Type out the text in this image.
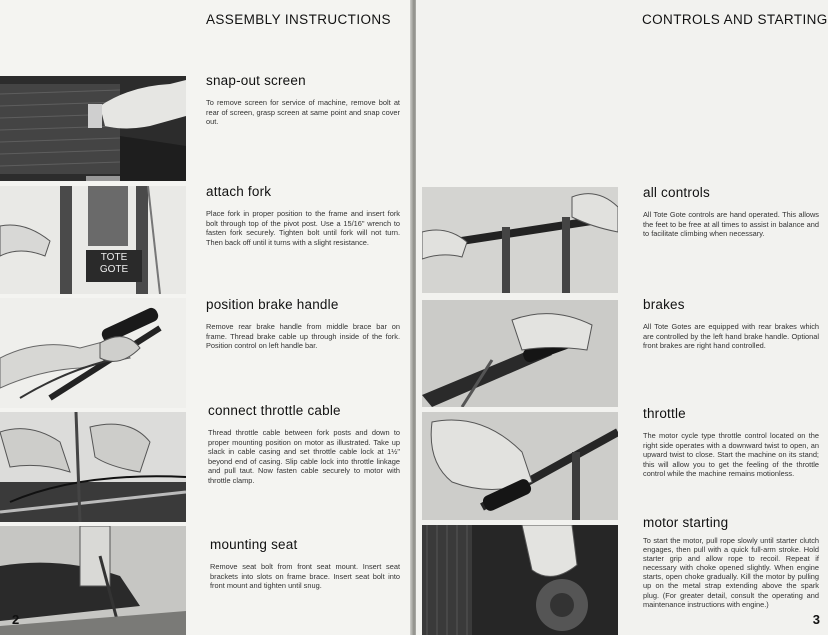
ASSEMBLY INSTRUCTIONS
snap-out screen

To remove screen for service of machine, remove bolt at rear of screen, grasp screen at same point and snap cover out.

TOTE
GOTE
attach fork

Place fork in proper position to the frame and insert fork bolt through top of the pivot post. Use a 15/16" wrench to fasten fork securely. Tighten bolt until fork will not turn. Then back off until it turns with a slight resistance.

position brake handle

Remove rear brake handle from middle brace bar on frame. Thread brake cable up through inside of the fork. Position control on left handle bar.

connect throttle cable

Thread throttle cable between fork posts and down to proper mounting position on motor as illustrated. Take up slack in cable casing and set throttle cable lock at 1½" beyond end of casing. Slip cable lock into throttle linkage and pull taut. Now fasten cable securely to motor with throttle clamp.

mounting seat

Remove seat bolt from front seat mount. Insert seat brackets into slots on frame brace. Insert seat bolt into front mount and tighten until snug.

2
CONTROLS AND STARTING
all controls

All Tote Gote controls are hand operated. This allows the feet to be free at all times to assist in balance and to facilitate climbing when necessary.

brakes

All Tote Gotes are equipped with rear brakes which are controlled by the left hand brake handle. Optional front brakes are right hand controlled.

throttle

The motor cycle type throttle control located on the right side operates with a downward twist to open, an upward twist to close. Start the machine on its stand; this will allow you to get the feeling of the throttle control while the machine remains motionless.

motor starting

To start the motor, pull rope slowly until starter clutch engages, then pull with a quick full-arm stroke. Hold starter grip and allow rope to recoil. Repeat if necessary with choke opened slightly. When engine starts, open choke gradually. Kill the motor by pulling up on the metal strap extending above the spark plug. (For greater detail, consult the operating and maintenance instructions with engine.)

3
